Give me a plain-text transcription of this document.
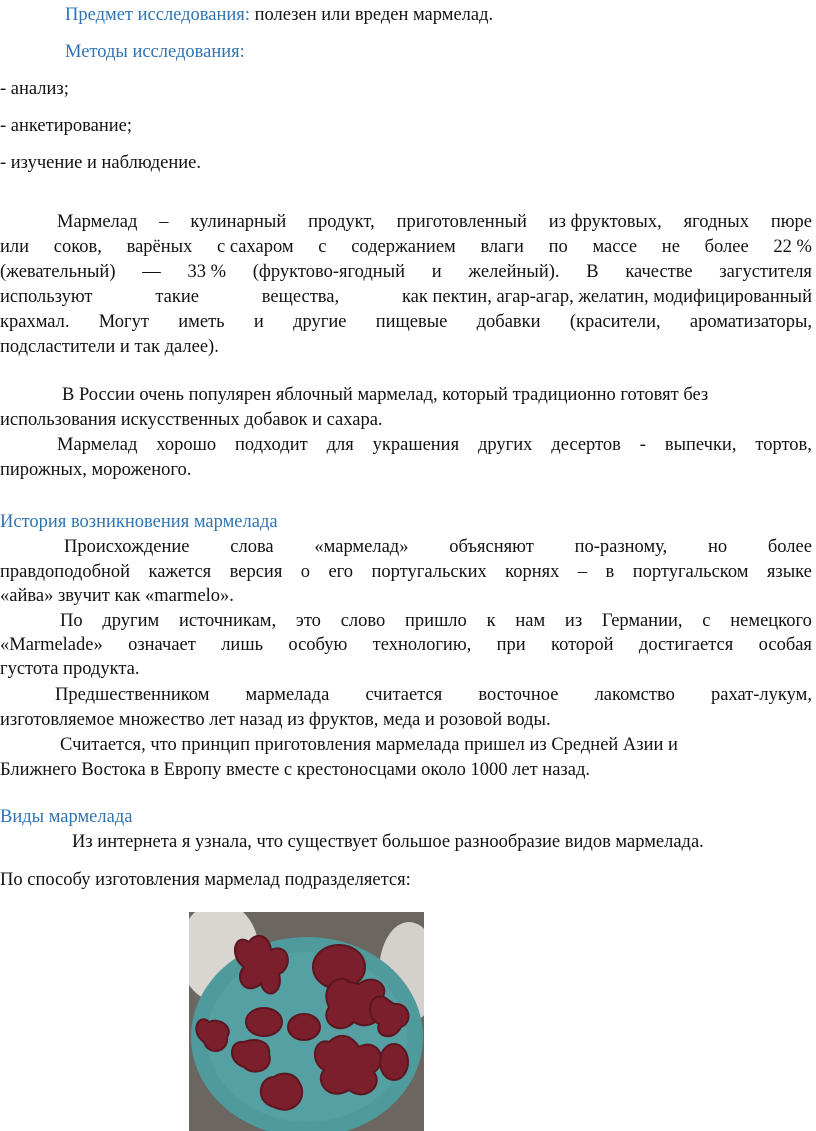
Предмет исследования: полезен или вреден мармелад.
Методы исследования:
- анализ;
- анкетирование;
- изучение и наблюдение.
Мармелад – кулинарный продукт, приготовленный из фруктовых, ягодных пюре
или соков, варёных с сахаром с содержанием влаги по массе не более 22 %
(жевательный) — 33 % (фруктово-ягодный и желейный). В качестве загустителя
используют	такие	вещества,	как пектин, агар-агар, желатин, модифицированный
крахмал. Могут иметь и другие пищевые добавки (красители, ароматизаторы,
подсластители и так далее).
В России очень популярен яблочный мармелад, который традиционно готовят без
использования искусственных добавок и сахара.
Мармелад хорошо подходит для украшения других десертов - выпечки, тортов,
пирожных, мороженого.
История возникновения мармелада
Происхождение слова «мармелад» объясняют по-разному, но более
правдоподобной кажется версия о его португальских корнях – в португальском языке
«айва» звучит как «marmelo».
По другим источникам, это слово пришло к нам из Германии, с немецкого
«Marmelade» означает лишь особую технологию, при которой достигается особая
густота продукта.
Предшественником мармелада считается восточное лакомство рахат-лукум,
изготовляемое множество лет назад из фруктов, меда и розовой воды.
Считается, что принцип приготовления мармелада пришел из Средней Азии и
Ближнего Востока в Европу вместе с крестоносцами около 1000 лет назад.
Виды мармелада
Из интернета я узнала, что существует большое разнообразие видов мармелада.
По способу изготовления мармелад подразделяется:
